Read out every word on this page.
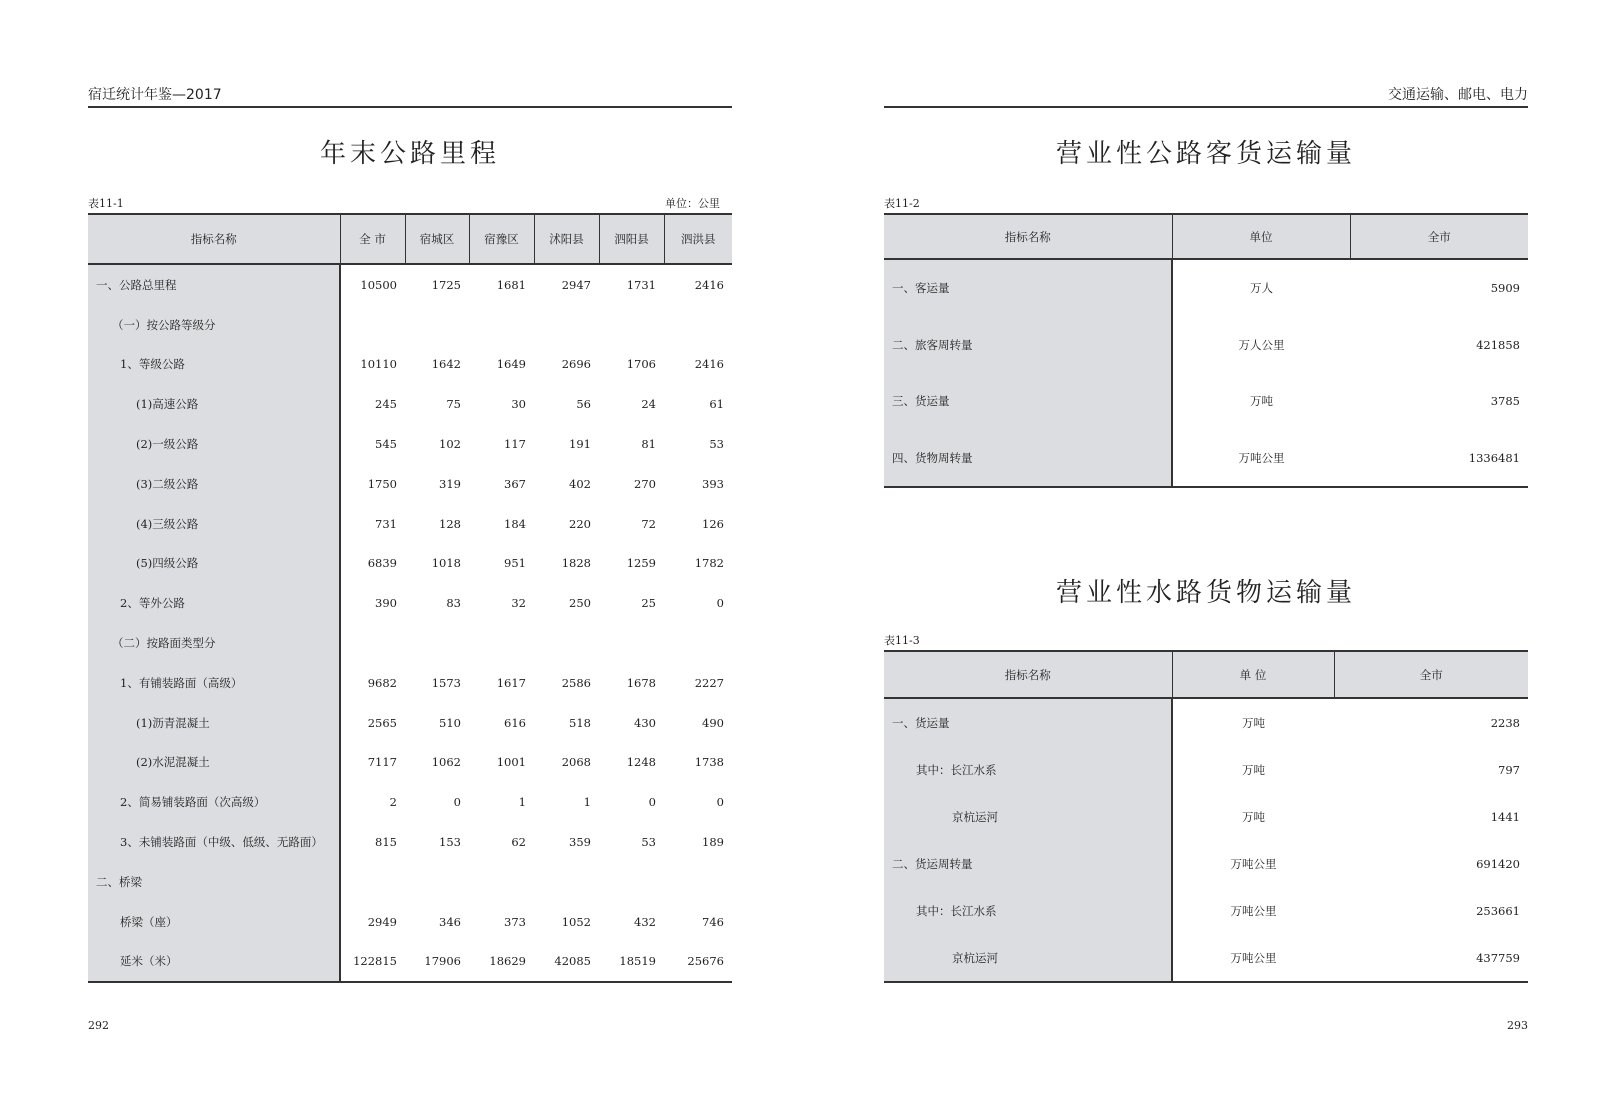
宿迁统计年鉴—2017
年末公路里程
表11-1	单位：公里
指标名称	全 市	宿城区	宿豫区	沭阳县	泗阳县	泗洪县
一、公路总里程	10500	1725	1681	2947	1731	2416
（一）按公路等级分						
1、等级公路	10110	1642	1649	2696	1706	2416
(1)高速公路	245	75	30	56	24	61
(2)一级公路	545	102	117	191	81	53
(3)二级公路	1750	319	367	402	270	393
(4)三级公路	731	128	184	220	72	126
(5)四级公路	6839	1018	951	1828	1259	1782
2、等外公路	390	83	32	250	25	0
（二）按路面类型分						
1、有铺装路面（高级）	9682	1573	1617	2586	1678	2227
(1)沥青混凝土	2565	510	616	518	430	490
(2)水泥混凝土	7117	1062	1001	2068	1248	1738
2、简易铺装路面（次高级）	2	0	1	1	0	0
3、未铺装路面（中级、低级、无路面）	815	153	62	359	53	189
二、桥梁						
桥梁（座）	2949	346	373	1052	432	746
延米（米）	122815	17906	18629	42085	18519	25676
292
交通运输、邮电、电力
营业性公路客货运输量
表11-2
指标名称	单位	全市
一、客运量	万人	5909
二、旅客周转量	万人公里	421858
三、货运量	万吨	3785
四、货物周转量	万吨公里	1336481
营业性水路货物运输量
表11-3
指标名称	单 位	全市
一、货运量	万吨	2238
其中：长江水系	万吨	797
京杭运河	万吨	1441
二、货运周转量	万吨公里	691420
其中：长江水系	万吨公里	253661
京杭运河	万吨公里	437759
293
